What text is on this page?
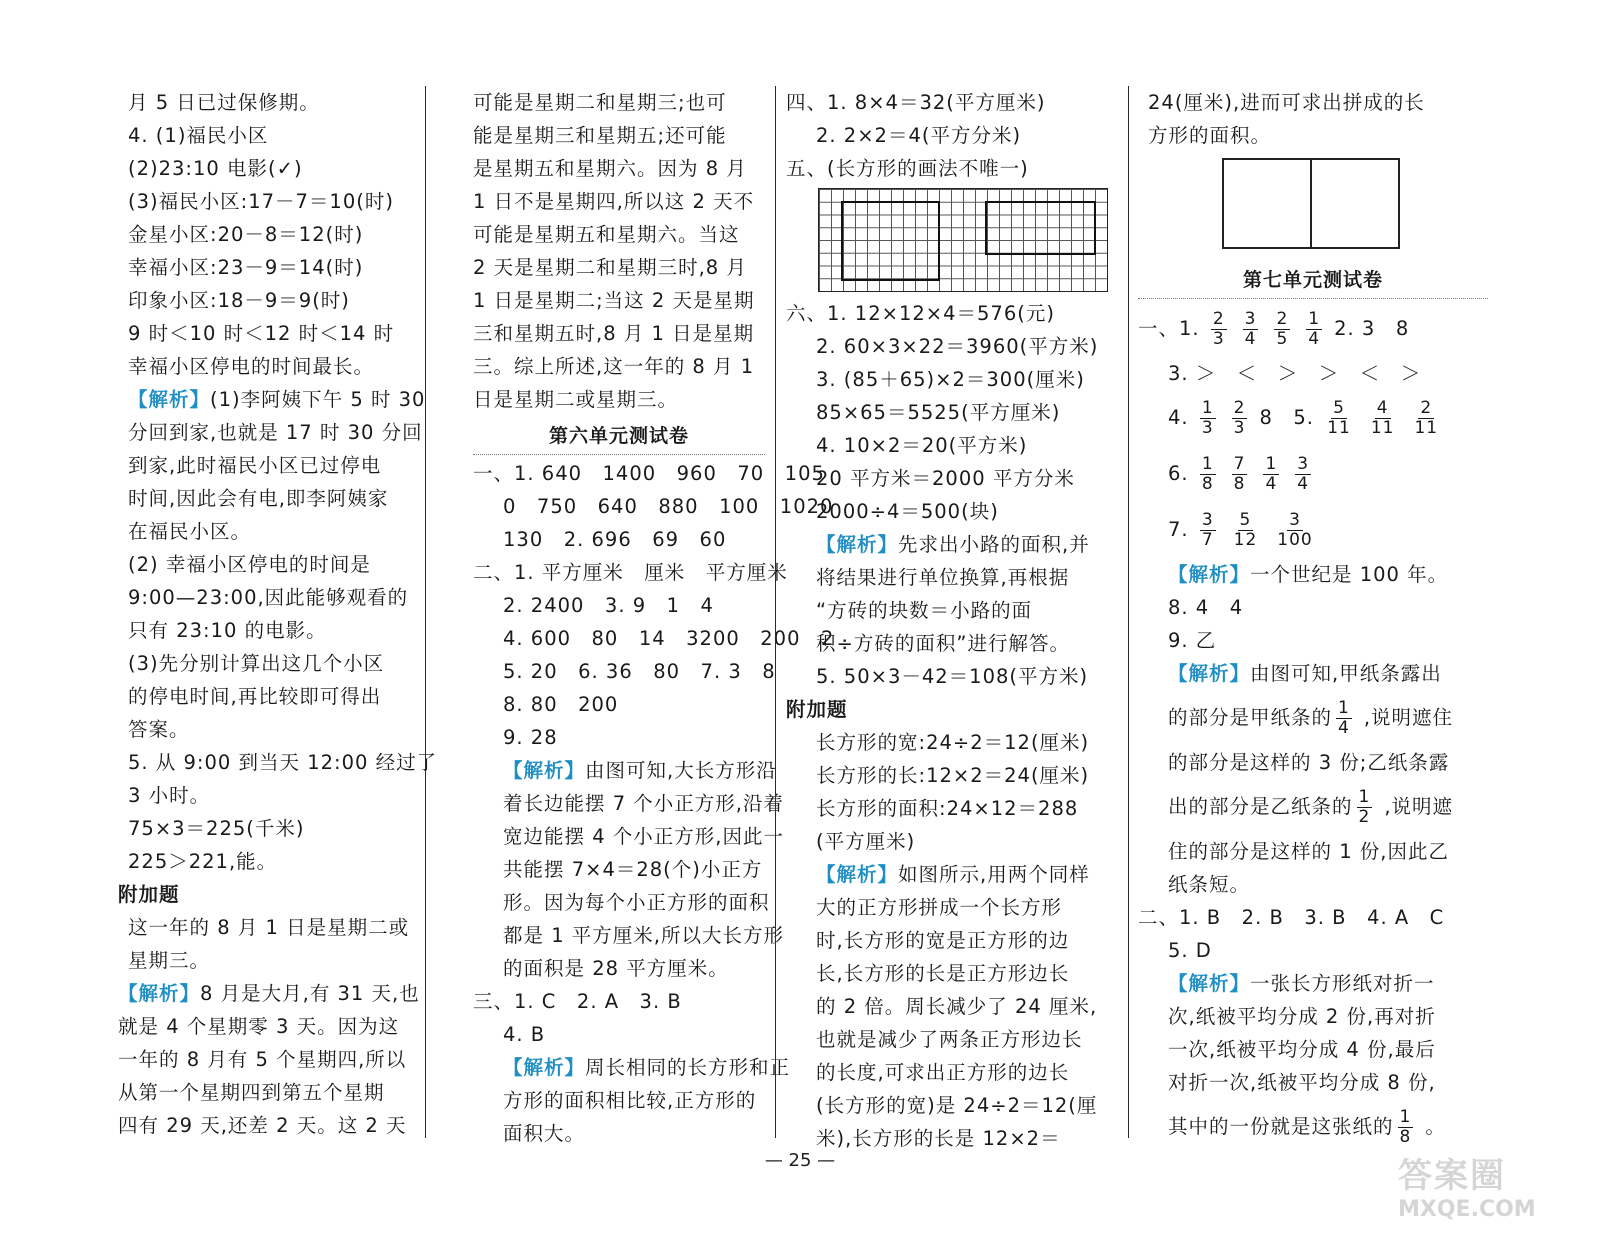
月 5 日已过保修期。
4. (1)福民小区
(2)23:10 电影(✓)
(3)福民小区:17－7＝10(时)
金星小区:20－8＝12(时)
幸福小区:23－9＝14(时)
印象小区:18－9＝9(时)
9 时＜10 时＜12 时＜14 时
幸福小区停电的时间最长。
【解析】(1)李阿姨下午 5 时 30
分回到家,也就是 17 时 30 分回
到家,此时福民小区已过停电
时间,因此会有电,即李阿姨家
在福民小区。
(2) 幸福小区停电的时间是
9:00—23:00,因此能够观看的
只有 23:10 的电影。
(3)先分别计算出这几个小区
的停电时间,再比较即可得出
答案。
5. 从 9:00 到当天 12:00 经过了
3 小时。
75×3＝225(千米)
225＞221,能。
附加题
这一年的 8 月 1 日是星期二或
星期三。
【解析】8 月是大月,有 31 天,也
就是 4 个星期零 3 天。因为这
一年的 8 月有 5 个星期四,所以
从第一个星期四到第五个星期
四有 29 天,还差 2 天。这 2 天
可能是星期二和星期三;也可
能是星期三和星期五;还可能
是星期五和星期六。因为 8 月
1 日不是星期四,所以这 2 天不
可能是星期五和星期六。当这
2 天是星期二和星期三时,8 月
1 日是星期二;当这 2 天是星期
三和星期五时,8 月 1 日是星期
三。综上所述,这一年的 8 月 1
日是星期二或星期三。
第六单元测试卷
一、1. 640　1400　960　70　105
0　750　640　880　100　1020
130　2. 696　69　60
二、1. 平方厘米　厘米　平方厘米
2. 2400　3. 9　1　4
4. 600　80　14　3200　200　2
5. 20　6. 36　80　7. 3　8
8. 80　200
9. 28
【解析】由图可知,大长方形沿
着长边能摆 7 个小正方形,沿着
宽边能摆 4 个小正方形,因此一
共能摆 7×4＝28(个)小正方
形。因为每个小正方形的面积
都是 1 平方厘米,所以大长方形
的面积是 28 平方厘米。
三、1. C　2. A　3. B
4. B
【解析】周长相同的长方形和正
方形的面积相比较,正方形的
面积大。
四、1. 8×4＝32(平方厘米)
2. 2×2＝4(平方分米)
五、(长方形的画法不唯一)
六、1. 12×12×4＝576(元)
2. 60×3×22＝3960(平方米)
3. (85＋65)×2＝300(厘米)
85×65＝5525(平方厘米)
4. 10×2＝20(平方米)
20 平方米＝2000 平方分米
2000÷4＝500(块)
【解析】先求出小路的面积,并
将结果进行单位换算,再根据
“方砖的块数＝小路的面
积÷方砖的面积”进行解答。
5. 50×3－42＝108(平方米)
附加题
长方形的宽:24÷2＝12(厘米)
长方形的长:12×2＝24(厘米)
长方形的面积:24×12＝288
(平方厘米)
【解析】如图所示,用两个同样
大的正方形拼成一个长方形
时,长方形的宽是正方形的边
长,长方形的长是正方形边长
的 2 倍。周长减少了 24 厘米,
也就是减少了两条正方形边长
的长度,可求出正方形的边长
(长方形的宽)是 24÷2＝12(厘
米),长方形的长是 12×2＝
24(厘米),进而可求出拼成的长
方形的面积。
第七单元测试卷
一、1. $\frac{2}{3} \frac{3}{4} \frac{2}{5} \frac{1}{4} 2$. 3　8
3. ＞　＜　＞　＞　＜　＞
4. $\frac{1}{3} \frac{2}{3} 8$　5. $\frac{5}{11} \frac{4}{11} \frac{2}{11}$
6. $\frac{1}{8} \frac{7}{8} \frac{1}{4} \frac{3}{4}$
7. $\frac{3}{7} \frac{5}{12} \frac{3}{100}$
【解析】一个世纪是 100 年。
8. 4　4
9. 乙
【解析】由图可知,甲纸条露出
的部分是甲纸条的 $\frac{1}{4}$ ,说明遮住
的部分是这样的 3 份;乙纸条露
出的部分是乙纸条的 $\frac{1}{2}$ ,说明遮
住的部分是这样的 1 份,因此乙
纸条短。
二、1. B　2. B　3. B　4. A　C
5. D
【解析】一张长方形纸对折一
次,纸被平均分成 2 份,再对折
一次,纸被平均分成 4 份,最后
对折一次,纸被平均分成 8 份,
其中的一份就是这张纸的 $\frac{1}{8}$ 。
— 25 —	答案圈
MXQE.COM
